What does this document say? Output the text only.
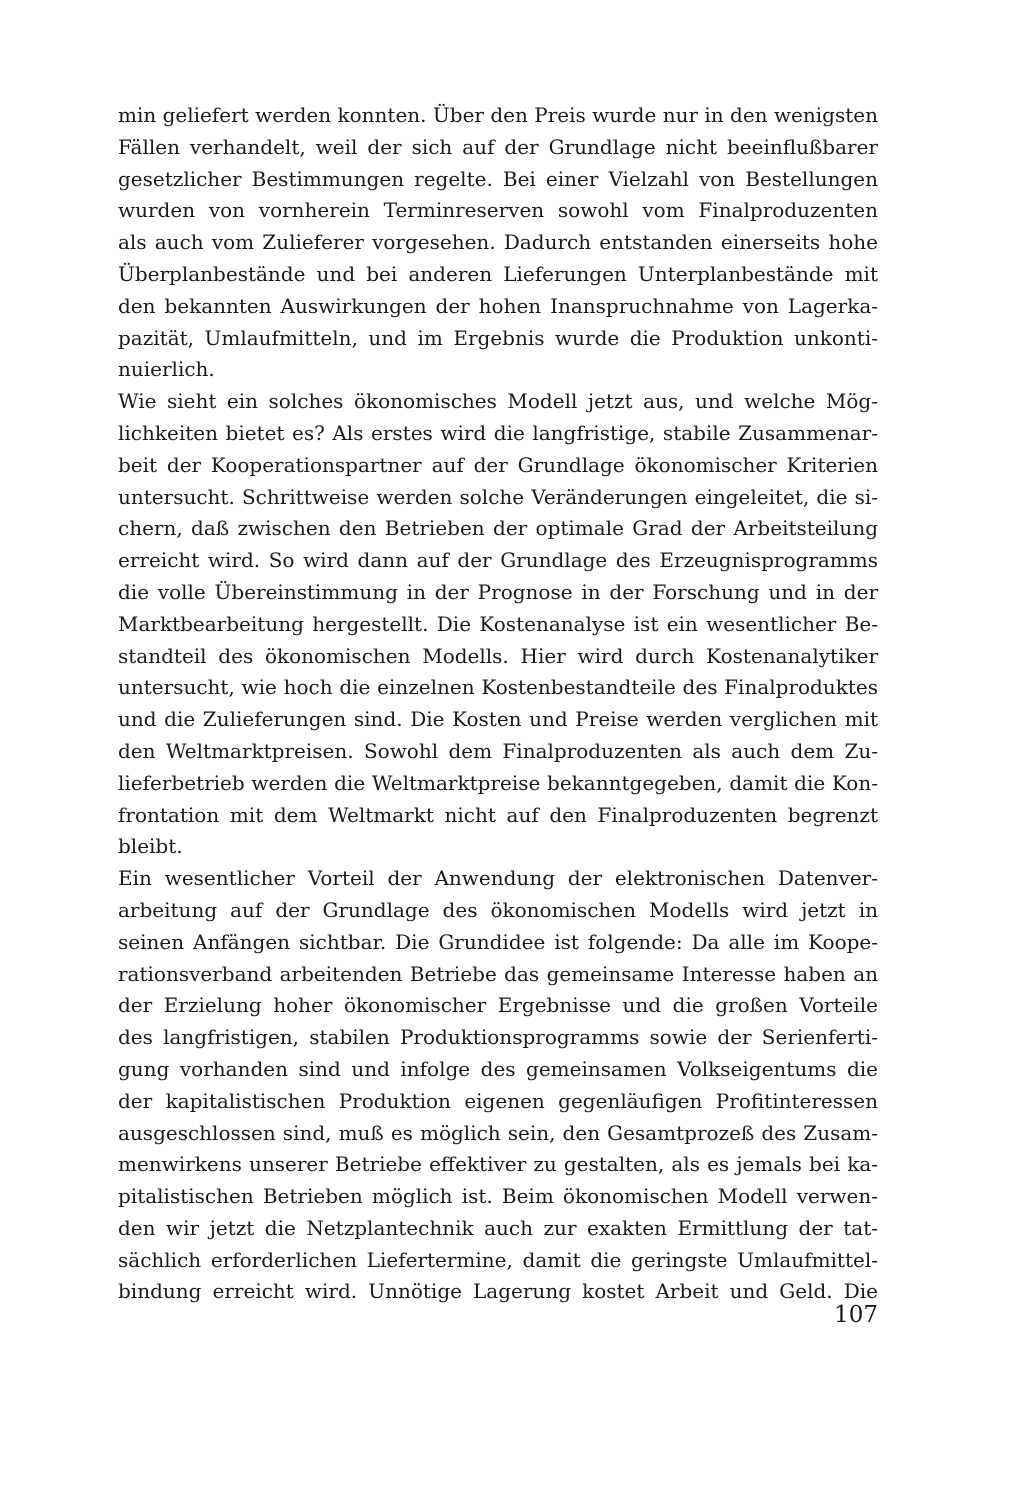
min geliefert werden konnten. Über den Preis wurde nur in den wenigsten
Fällen verhandelt, weil der sich auf der Grundlage nicht beeinflußbarer
gesetzlicher Bestimmungen regelte. Bei einer Vielzahl von Bestellungen
wurden von vornherein Terminreserven sowohl vom Finalproduzenten
als auch vom Zulieferer vorgesehen. Dadurch entstanden einerseits hohe
Überplanbestände und bei anderen Lieferungen Unterplanbestände mit
den bekannten Auswirkungen der hohen Inanspruchnahme von Lagerka-
pazität, Umlaufmitteln, und im Ergebnis wurde die Produktion unkonti-
nuierlich.
Wie sieht ein solches ökonomisches Modell jetzt aus, und welche Mög-
lichkeiten bietet es? Als erstes wird die langfristige, stabile Zusammenar-
beit der Kooperationspartner auf der Grundlage ökonomischer Kriterien
untersucht. Schrittweise werden solche Veränderungen eingeleitet, die si-
chern, daß zwischen den Betrieben der optimale Grad der Arbeitsteilung
erreicht wird. So wird dann auf der Grundlage des Erzeugnisprogramms
die volle Übereinstimmung in der Prognose in der Forschung und in der
Marktbearbeitung hergestellt. Die Kostenanalyse ist ein wesentlicher Be-
standteil des ökonomischen Modells. Hier wird durch Kostenanalytiker
untersucht, wie hoch die einzelnen Kostenbestandteile des Finalproduktes
und die Zulieferungen sind. Die Kosten und Preise werden verglichen mit
den Weltmarktpreisen. Sowohl dem Finalproduzenten als auch dem Zu-
lieferbetrieb werden die Weltmarktpreise bekanntgegeben, damit die Kon-
frontation mit dem Weltmarkt nicht auf den Finalproduzenten begrenzt
bleibt.
Ein wesentlicher Vorteil der Anwendung der elektronischen Datenver-
arbeitung auf der Grundlage des ökonomischen Modells wird jetzt in
seinen Anfängen sichtbar. Die Grundidee ist folgende: Da alle im Koope-
rationsverband arbeitenden Betriebe das gemeinsame Interesse haben an
der Erzielung hoher ökonomischer Ergebnisse und die großen Vorteile
des langfristigen, stabilen Produktionsprogramms sowie der Serienferti-
gung vorhanden sind und infolge des gemeinsamen Volkseigentums die
der kapitalistischen Produktion eigenen gegenläufigen Profitinteressen
ausgeschlossen sind, muß es möglich sein, den Gesamtprozeß des Zusam-
menwirkens unserer Betriebe effektiver zu gestalten, als es jemals bei ka-
pitalistischen Betrieben möglich ist. Beim ökonomischen Modell verwen-
den wir jetzt die Netzplantechnik auch zur exakten Ermittlung der tat-
sächlich erforderlichen Liefertermine, damit die geringste Umlaufmittel-
bindung erreicht wird. Unnötige Lagerung kostet Arbeit und Geld. Die
107
